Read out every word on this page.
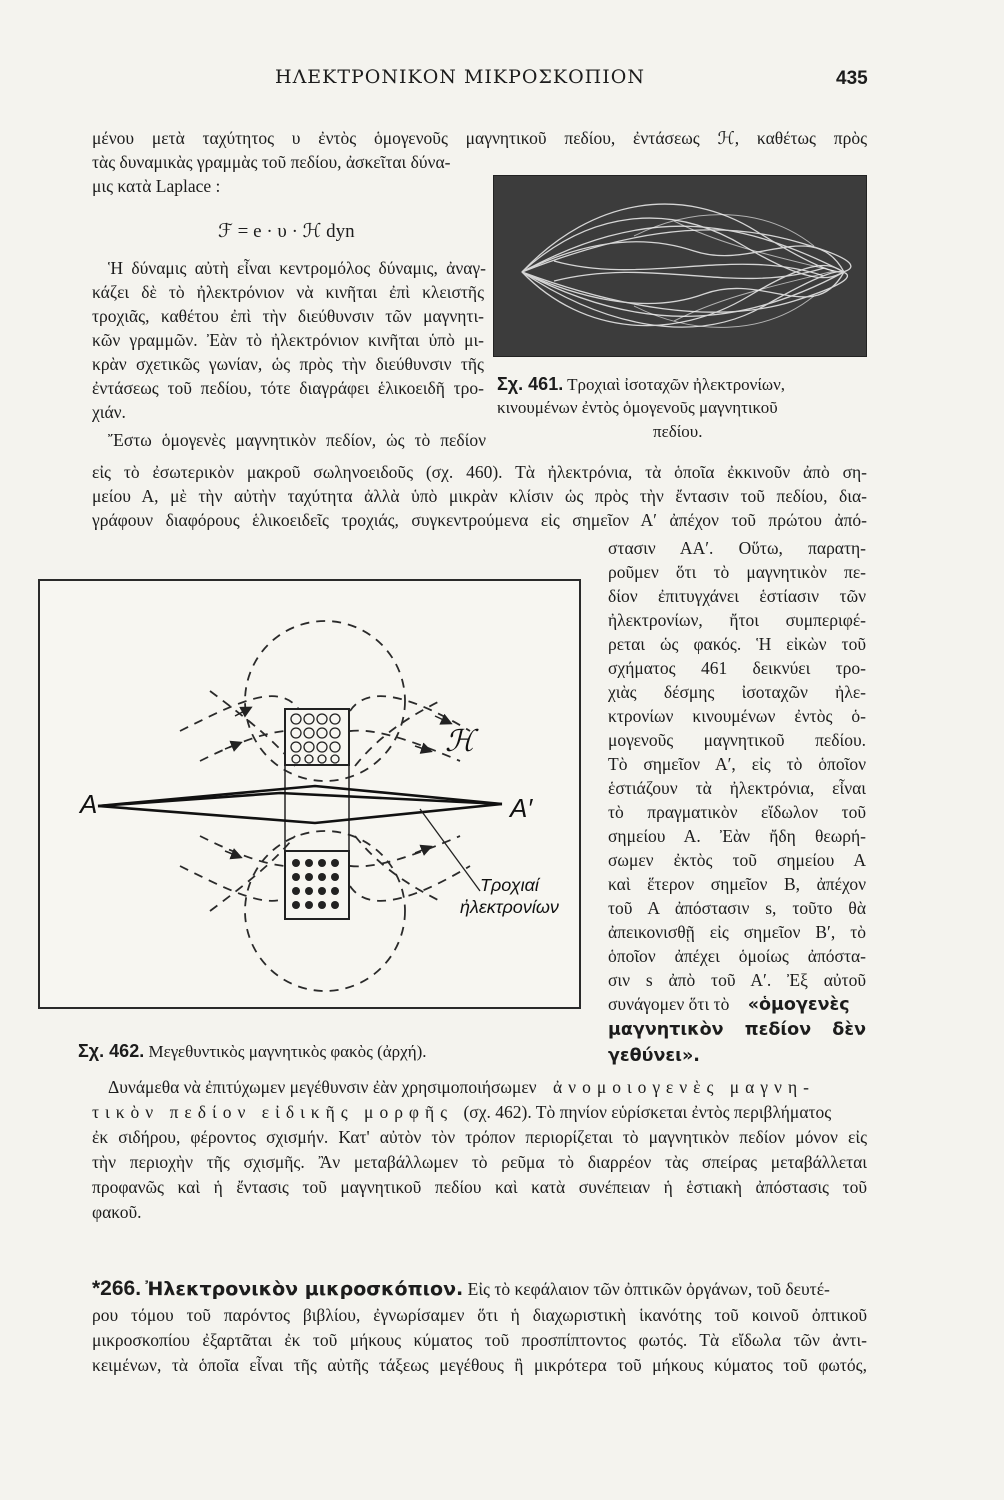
ΗΛΕΚΤΡΟΝΙΚΟΝ ΜΙΚΡΟΣΚΟΠΙΟΝ	435
μένου μετὰ ταχύτητος υ ἐντὸς ὁμογενοῦς μαγνητικοῦ πεδίου, ἐντάσεως ℋ, καθέτως πρὸς
τὰς δυναμικὰς γραμμὰς τοῦ πεδίου, ἀσκεῖται δύνα-
μις κατὰ Laplace :
ℱ = e · υ · ℋ dyn
Ἡ δύναμις αὐτὴ εἶναι κεντρομόλος δύναμις, ἀναγ-
κάζει δὲ τὸ ἠλεκτρόνιον νὰ κινῆται ἐπὶ κλειστῆς
τροχιᾶς, καθέτου ἐπὶ τὴν διεύθυνσιν τῶν μαγνητι-
κῶν γραμμῶν. Ἐὰν τὸ ἠλεκτρόνιον κινῆται ὑπὸ μι-
κρὰν σχετικῶς γωνίαν, ὡς πρὸς τὴν διεύθυνσιν τῆς
ἐντάσεως τοῦ πεδίου, τότε διαγράφει ἑλικοειδῆ τρο-
χιάν.
Ἔστω ὁμογενὲς μαγνητικὸν πεδίον, ὡς τὸ πεδίον
Σχ. 461. Τροχιαὶ ἰσοταχῶν ἠλεκτρονίων,
κινουμένων ἐντὸς ὁμογενοῦς μαγνητικοῦ
πεδίου.
εἰς τὸ ἐσωτερικὸν μακροῦ σωληνοειδοῦς (σχ. 460). Τὰ ἠλεκτρόνια, τὰ ὁποῖα ἐκκινοῦν ἀπὸ ση-
μείου Α, μὲ τὴν αὐτὴν ταχύτητα ἀλλὰ ὑπὸ μικρὰν κλίσιν ὡς πρὸς τὴν ἔντασιν τοῦ πεδίου, δια-
γράφουν διαφόρους ἑλικοειδεῖς τροχιάς, συγκεντρούμενα εἰς σημεῖον Α′ ἀπέχον τοῦ πρώτου ἀπό-
στασιν ΑΑ′. Οὕτω, παρατη-
ροῦμεν ὅτι τὸ μαγνητικὸν πε-
δίον ἐπιτυγχάνει ἑστίασιν τῶν
ἠλεκτρονίων, ἤτοι συμπεριφέ-
ρεται ὡς φακός. Ἡ εἰκὼν τοῦ
σχήματος 461 δεικνύει τρο-
χιὰς δέσμης ἰσοταχῶν ἠλε-
κτρονίων κινουμένων ἐντὸς ὁ-
μογενοῦς μαγνητικοῦ πεδίου.
Τὸ σημεῖον Α′, εἰς τὸ ὁποῖον
ἑστιάζουν τὰ ἠλεκτρόνια, εἶναι
τὸ πραγματικὸν εἴδωλον τοῦ
σημείου Α. Ἐὰν ἤδη θεωρή-
σωμεν ἐκτὸς τοῦ σημείου Α
καὶ ἕτερον σημεῖον Β, ἀπέχον
τοῦ Α ἀπόστασιν s, τοῦτο θὰ
ἀπεικονισθῇ εἰς σημεῖον Β′, τὸ
ὁποῖον ἀπέχει ὁμοίως ἀπόστα-
σιν s ἀπὸ τοῦ Α′. Ἐξ αὐτοῦ
συνάγομεν ὅτι τὸ «ὁμογενὲς
μαγνητικὸν πεδίον δὲν
γεθύνει».
Α	Α′
ℋ
Τροχιαί
ἠλεκτρονίων
Σχ. 462. Μεγεθυντικὸς μαγνητικὸς φακὸς (ἀρχή).
Δυνάμεθα νὰ ἐπιτύχωμεν μεγέθυνσιν ἐὰν χρησιμοποιήσωμεν ἀνομοιογενὲς μαγνη-
τικὸν πεδίον εἰδικῆς μορφῆς (σχ. 462). Τὸ πηνίον εὑρίσκεται ἐντὸς περιβλήματος
ἐκ σιδήρου, φέροντος σχισμήν. Κατ' αὐτὸν τὸν τρόπον περιορίζεται τὸ μαγνητικὸν πεδίον μόνον εἰς
τὴν περιοχὴν τῆς σχισμῆς. Ἂν μεταβάλλωμεν τὸ ρεῦμα τὸ διαρρέον τὰς σπείρας μεταβάλλεται
προφανῶς καὶ ἡ ἔντασις τοῦ μαγνητικοῦ πεδίου καὶ κατὰ συνέπειαν ἡ ἑστιακὴ ἀπόστασις τοῦ
φακοῦ.
*266. Ἠλεκτρονικὸν μικροσκόπιον. Εἰς τὸ κεφάλαιον τῶν ὀπτικῶν ὀργάνων, τοῦ δευτέ-
ρου τόμου τοῦ παρόντος βιβλίου, ἐγνωρίσαμεν ὅτι ἡ διαχωριστικὴ ἱκανότης τοῦ κοινοῦ ὀπτικοῦ
μικροσκοπίου ἐξαρτᾶται ἐκ τοῦ μήκους κύματος τοῦ προσπίπτοντος φωτός. Τὰ εἴδωλα τῶν ἀντι-
κειμένων, τὰ ὁποῖα εἶναι τῆς αὐτῆς τάξεως μεγέθους ἢ μικρότερα τοῦ μήκους κύματος τοῦ φωτός,
